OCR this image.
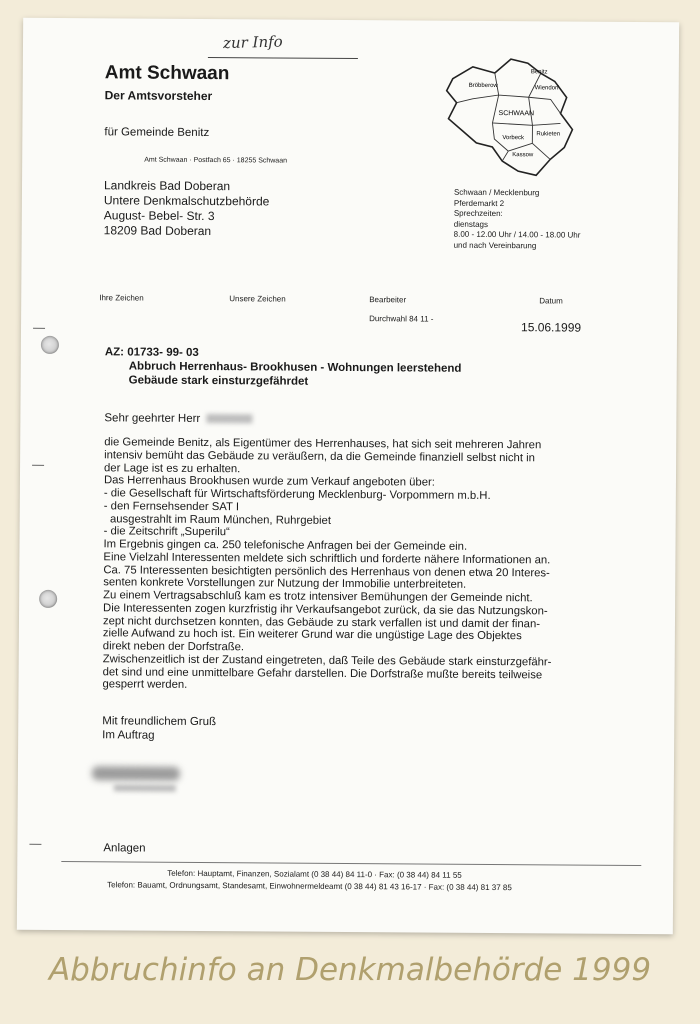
zur Info
Amt Schwaan
Der Amtsvorsteher
für Gemeinde Benitz
Amt Schwaan · Postfach 65 · 18255 Schwaan
Landkreis Bad Doberan
Untere Denkmalschutzbehörde
August- Bebel- Str. 3
18209 Bad Doberan
Benitz
Bröbberow	Wiendorf
SCHWAAN
Vorbeck
Kassow
Rukieten
Schwaan / Mecklenburg
Pferdemarkt 2
Sprechzeiten:
dienstags
8.00 - 12.00 Uhr / 14.00 - 18.00 Uhr
und nach Vereinbarung
Ihre Zeichen	Unsere Zeichen	Bearbeiter	Datum
Durchwahl 84 11 -
15.06.1999
AZ: 01733- 99- 03
Abbruch Herrenhaus- Brookhusen - Wohnungen leerstehend
Gebäude stark einsturzgefährdet
Sehr geehrter Herr
die Gemeinde Benitz, als Eigentümer des Herrenhauses, hat sich seit mehreren Jahren
intensiv bemüht das Gebäude zu veräußern, da die Gemeinde finanziell selbst nicht in
der Lage ist es zu erhalten.
Das Herrenhaus Brookhusen wurde zum Verkauf angeboten über:
- die Gesellschaft für Wirtschaftsförderung Mecklenburg- Vorpommern m.b.H.
- den Fernsehsender SAT I
ausgestrahlt im Raum München, Ruhrgebiet
- die Zeitschrift „Superilu“
Im Ergebnis gingen ca. 250 telefonische Anfragen bei der Gemeinde ein.
Eine Vielzahl Interessenten meldete sich schriftlich und forderte nähere Informationen an.
Ca. 75 Interessenten besichtigten persönlich des Herrenhaus von denen etwa 20 Interes-
senten konkrete Vorstellungen zur Nutzung der Immobilie unterbreiteten.
Zu einem Vertragsabschluß kam es trotz intensiver Bemühungen der Gemeinde nicht.
Die Interessenten zogen kurzfristig ihr Verkaufsangebot zurück, da sie das Nutzungskon-
zept nicht durchsetzen konnten, das Gebäude zu stark verfallen ist und damit der finan-
zielle Aufwand zu hoch ist. Ein weiterer Grund war die ungüstige Lage des Objektes
direkt neben der Dorfstraße.
Zwischenzeitlich ist der Zustand eingetreten, daß Teile des Gebäude stark einsturzgefähr-
det sind und eine unmittelbare Gefahr darstellen. Die Dorfstraße mußte bereits teilweise
gesperrt werden.
Mit freundlichem Gruß
Im Auftrag
Anlagen
Telefon: Hauptamt, Finanzen, Sozialamt (0 38 44) 84 11-0 · Fax: (0 38 44) 84 11 55
Telefon: Bauamt, Ordnungsamt, Standesamt, Einwohnermeldeamt (0 38 44) 81 43 16-17 · Fax: (0 38 44) 81 37 85
Abbruchinfo an Denkmalbehörde 1999
